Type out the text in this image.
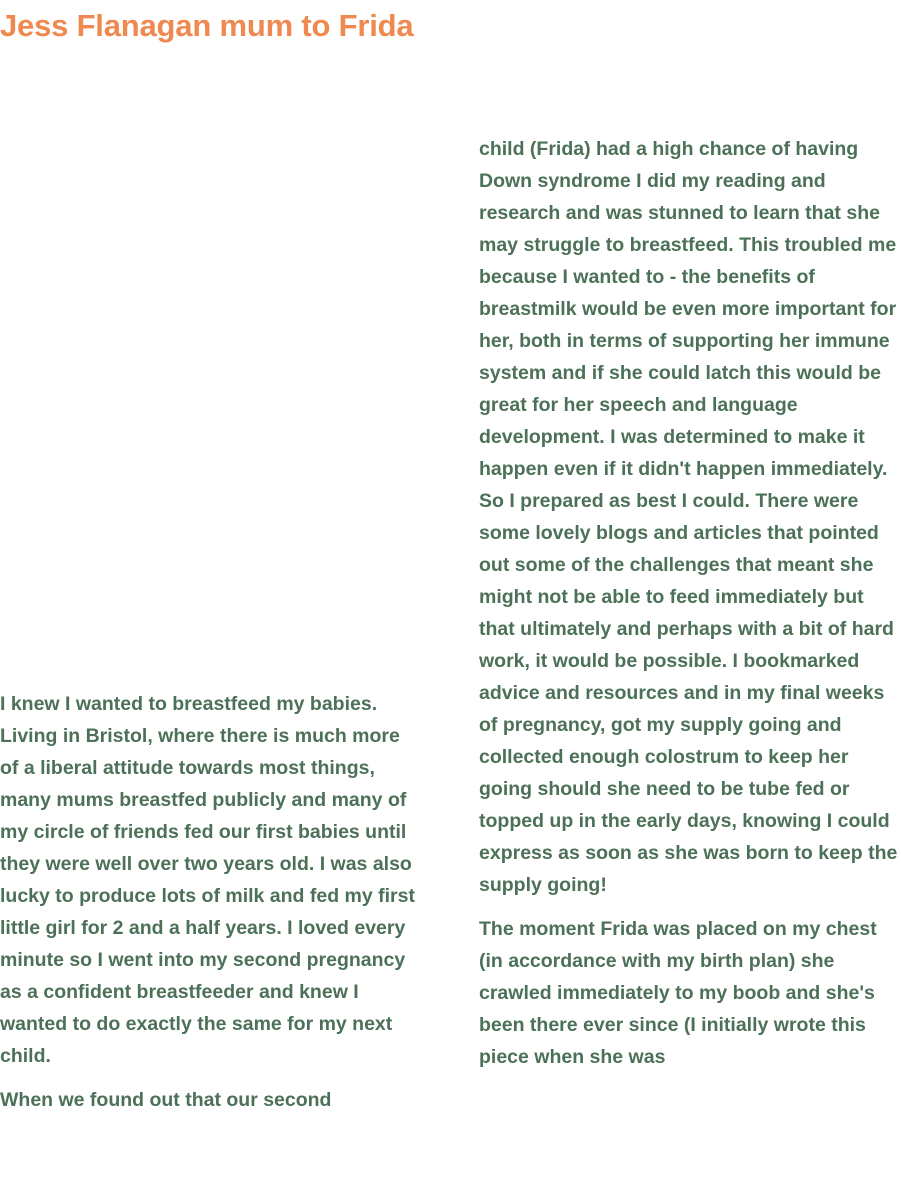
Jess Flanagan mum to Frida

I knew I wanted to breastfeed my babies. Living in Bristol, where there is much more of a liberal attitude towards most things, many mums breastfed publicly and many of my circle of friends fed our first babies until they were well over two years old. I was also lucky to produce lots of milk and fed my first little girl for 2 and a half years. I loved every minute so I went into my second pregnancy as a confident breastfeeder and knew I wanted to do exactly the same for my next child.

When we found out that our second

child (Frida) had a high chance of having Down syndrome I did my reading and research and was stunned to learn that she may struggle to breastfeed. This troubled me because I wanted to - the benefits of breastmilk would be even more important for her, both in terms of supporting her immune system and if she could latch this would be great for her speech and language development. I was determined to make it happen even if it didn't happen immediately. So I prepared as best I could. There were some lovely blogs and articles that pointed out some of the challenges that meant she might not be able to feed immediately but that ultimately and perhaps with a bit of hard work, it would be possible. I bookmarked advice and resources and in my final weeks of pregnancy, got my supply going and collected enough colostrum to keep her going should she need to be tube fed or topped up in the early days, knowing I could express as soon as she was born to keep the supply going!

The moment Frida was placed on my chest (in accordance with my birth plan) she crawled immediately to my boob and she's been there ever since (I initially wrote this piece when she was
